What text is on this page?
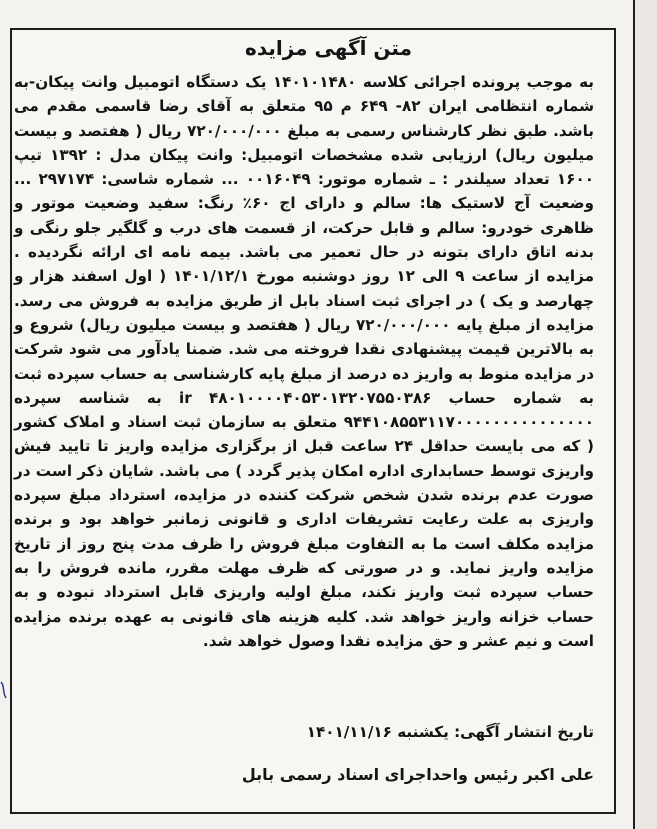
متن آگهی مزایده
به موجب پرونده اجرائی کلاسه ۱۴۰۱۰۱۴۸۰ یک دستگاه اتومبیل وانت پیکان-به شماره انتظامی ایران ۸۲- ۶۴۹ م ۹۵ متعلق به آقای رضا قاسمی مقدم می باشد. طبق نظر کارشناس رسمی به مبلغ ۷۲۰/۰۰۰/۰۰۰ ریال ( هفتصد و بیست میلیون ریال) ارزیابی شده مشخصات اتومبیل: وانت پیکان مدل : ۱۳۹۲ تیپ ۱۶۰۰ تعداد سیلندر : ـ شماره موتور: ۰۰۱۶۰۴۹ ... شماره شاسی: ۲۹۷۱۷۴ ... وضعیت آج لاستیک ها: سالم و دارای اج ۶۰٪ رنگ: سفید وضعیت موتور و ظاهری خودرو: سالم و قابل حرکت، از قسمت های درب و گلگیر جلو رنگی و بدنه اتاق دارای بتونه در حال تعمیر می باشد. بیمه نامه ای ارائه نگردیده . مزایده از ساعت ۹ الی ۱۲ روز دوشنبه مورخ ۱۴۰۱/۱۲/۱ ( اول اسفند هزار و چهارصد و یک ) در اجرای ثبت اسناد بابل از طریق مزایده به فروش می رسد. مزایده از مبلغ پایه ۷۲۰/۰۰۰/۰۰۰ ریال ( هفتصد و بیست میلیون ریال) شروع و به بالاترین قیمت پیشنهادی نقدا فروخته می شد. ضمنا یادآور می شود شرکت در مزایده منوط به واریز ده درصد از مبلغ پایه کارشناسی به حساب سپرده ثبت به شماره حساب ۴۸۰۱۰۰۰۰۴۰۵۳۰۱۳۲۰۷۵۵۰۳۸۶ ir به شناسه سپرده ۹۴۴۱۰۸۵۵۳۱۱۷۰۰۰۰۰۰۰۰۰۰۰۰۰۰۰ متعلق به سازمان ثبت اسناد و املاک کشور ( که می بایست حداقل ۲۴ ساعت قبل از برگزاری مزایده واریز تا تایید فیش واریزی توسط حسابداری اداره امکان پذیر گردد ) می باشد. شایان ذکر است در صورت عدم برنده شدن شخص شرکت کننده در مزایده، استرداد مبلغ سپرده واریزی به علت رعایت تشریفات اداری و قانونی زمانبر خواهد بود و برنده مزایده مکلف است ما به التفاوت مبلغ فروش را ظرف مدت پنج روز از تاریخ مزایده واریز نماید. و در صورتی که ظرف مهلت مقرر، مانده فروش را به حساب سپرده ثبت واریز نکند، مبلغ اولیه واریزی قابل استرداد نبوده و به حساب خزانه واریز خواهد شد. کلیه هزینه های قانونی به عهده برنده مزایده است و نیم عشر و حق مزایده نقدا وصول خواهد شد.
تاریخ انتشار آگهی: یکشنبه ۱۴۰۱/۱۱/۱۶
علی اکبر رئیس واحداجرای اسناد رسمی بابل
